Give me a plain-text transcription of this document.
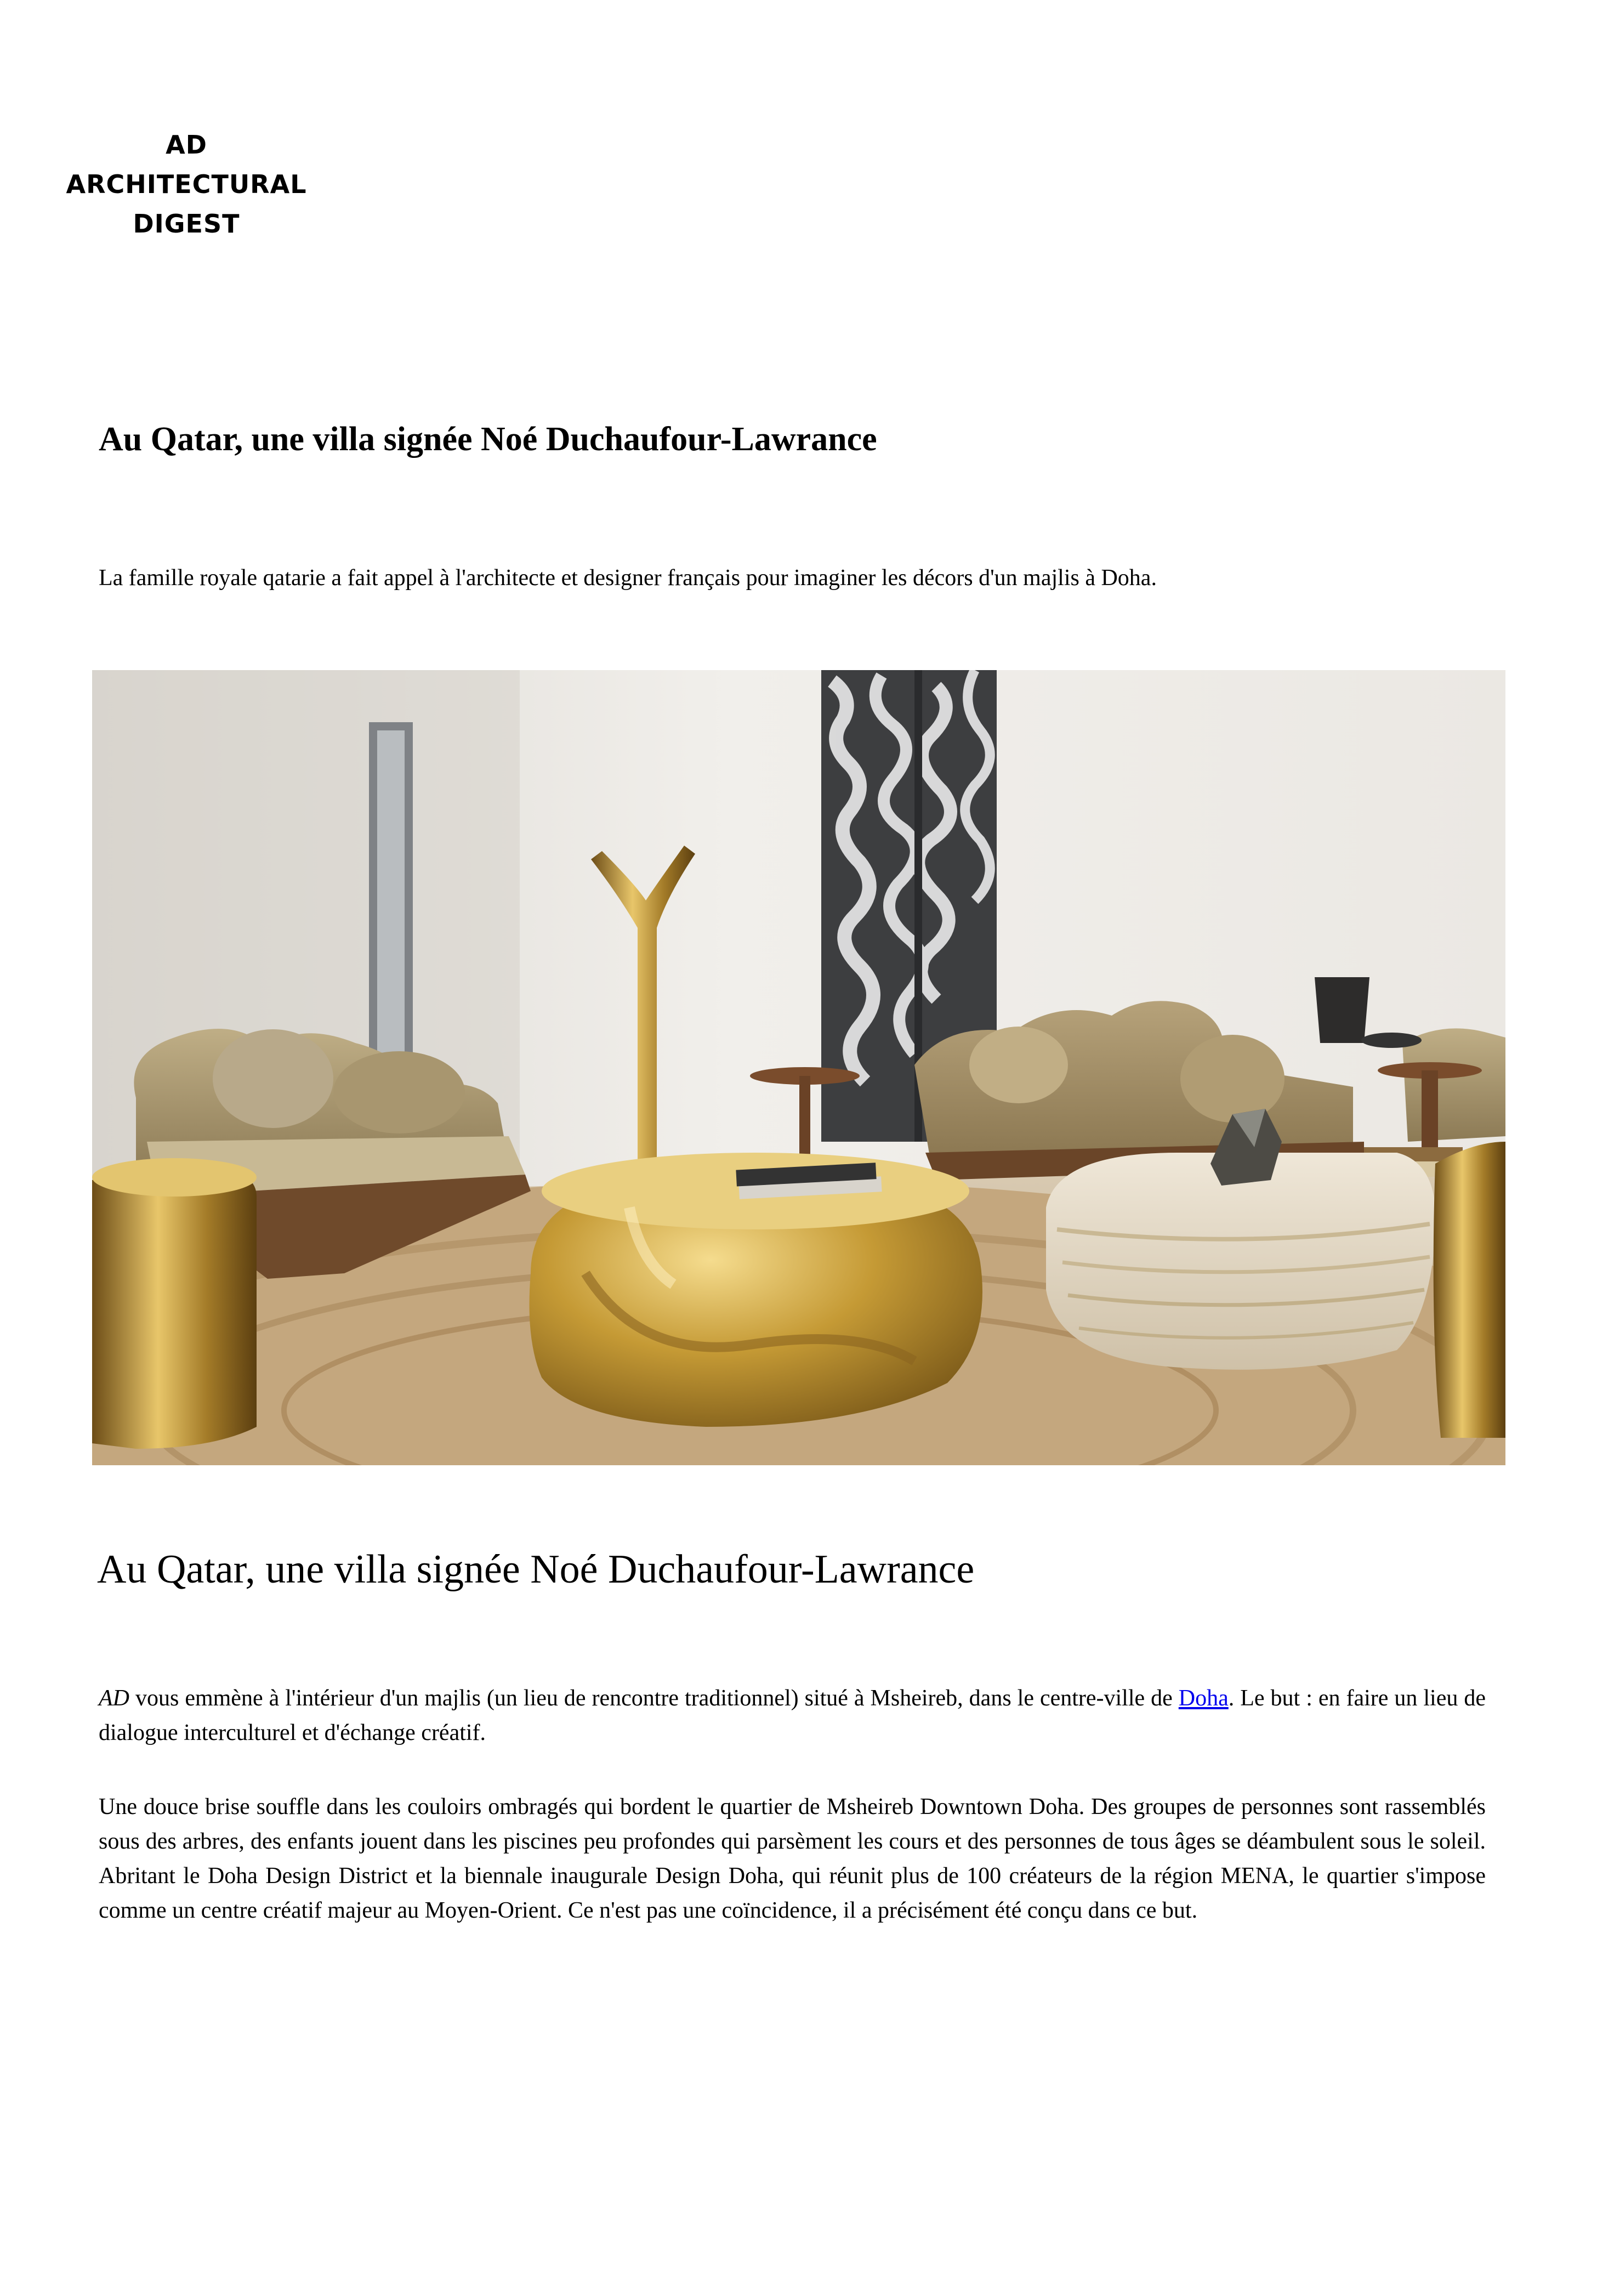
AD
ARCHITECTURAL
DIGEST
Au Qatar, une villa signée Noé Duchaufour-Lawrance

La famille royale qatarie a fait appel à l'architecte et designer français pour imaginer les décors d'un majlis à Doha.

Au Qatar, une villa signée Noé Duchaufour-Lawrance

AD vous emmène à l'intérieur d'un majlis (un lieu de rencontre traditionnel) situé à Msheireb, dans le centre-ville de Doha. Le but : en faire un lieu de dialogue interculturel et d'échange créatif.

Une douce brise souffle dans les couloirs ombragés qui bordent le quartier de Msheireb Downtown Doha. Des groupes de personnes sont rassemblés sous des arbres, des enfants jouent dans les piscines peu profondes qui parsèment les cours et des personnes de tous âges se déambulent sous le soleil. Abritant le Doha Design District et la biennale inaugurale Design Doha, qui réunit plus de 100 créateurs de la région MENA, le quartier s'impose comme un centre créatif majeur au Moyen-Orient. Ce n'est pas une coïncidence, il a précisément été conçu dans ce but.
